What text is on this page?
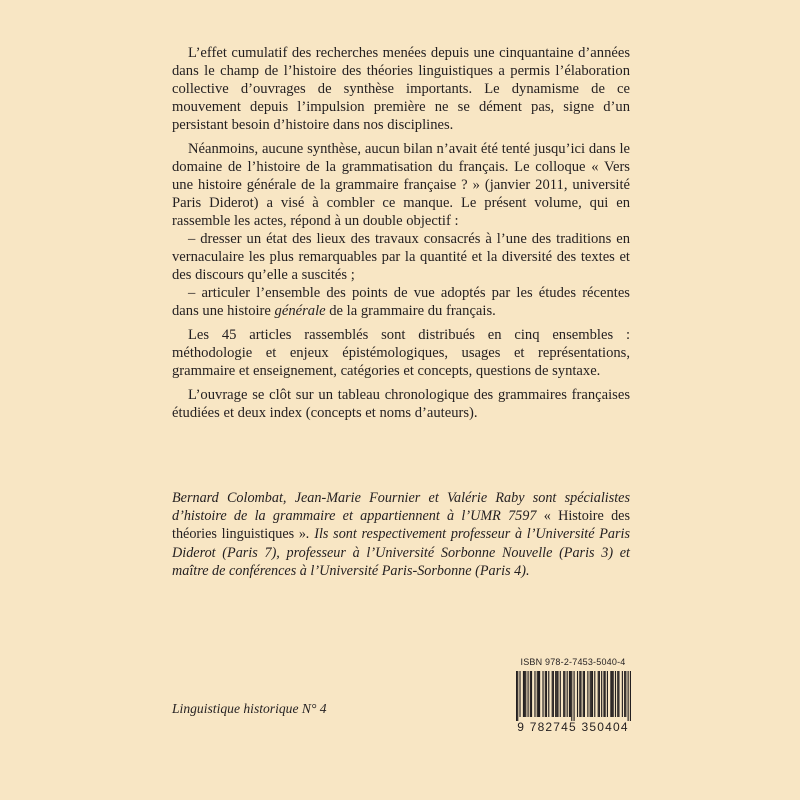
L’effet cumulatif des recherches menées depuis une cinquantaine d’années dans le champ de l’histoire des théories linguistiques a permis l’élaboration collective d’ouvrages de synthèse importants. Le dynamisme de ce mouvement depuis l’impulsion première ne se dément pas, signe d’un persistant besoin d’histoire dans nos disciplines.

Néanmoins, aucune synthèse, aucun bilan n’avait été tenté jusqu’ici dans le domaine de l’histoire de la grammatisation du français. Le colloque « Vers une histoire générale de la grammaire française ? » (janvier 2011, université Paris Diderot) a visé à combler ce manque. Le présent volume, qui en rassemble les actes, répond à un double objectif :

– dresser un état des lieux des travaux consacrés à l’une des traditions en vernaculaire les plus remarquables par la quantité et la diversité des textes et des discours qu’elle a suscités ;

– articuler l’ensemble des points de vue adoptés par les études récentes dans une histoire générale de la grammaire du français.

Les 45 articles rassemblés sont distribués en cinq ensembles : méthodologie et enjeux épistémologiques, usages et représentations, grammaire et enseignement, catégories et concepts, questions de syntaxe.

L’ouvrage se clôt sur un tableau chronologique des grammaires françaises étudiées et deux index (concepts et noms d’auteurs).

Bernard Colombat, Jean-Marie Fournier et Valérie Raby sont spécialistes d’histoire de la grammaire et appartiennent à l’UMR 7597 « Histoire des théories linguistiques ». Ils sont respectivement professeur à l’Université Paris Diderot (Paris 7), professeur à l’Université Sorbonne Nouvelle (Paris 3) et maître de conférences à l’Université Paris-Sorbonne (Paris 4).

Linguistique historique N° 4
ISBN 978-2-7453-5040-4
9 782745 350404
